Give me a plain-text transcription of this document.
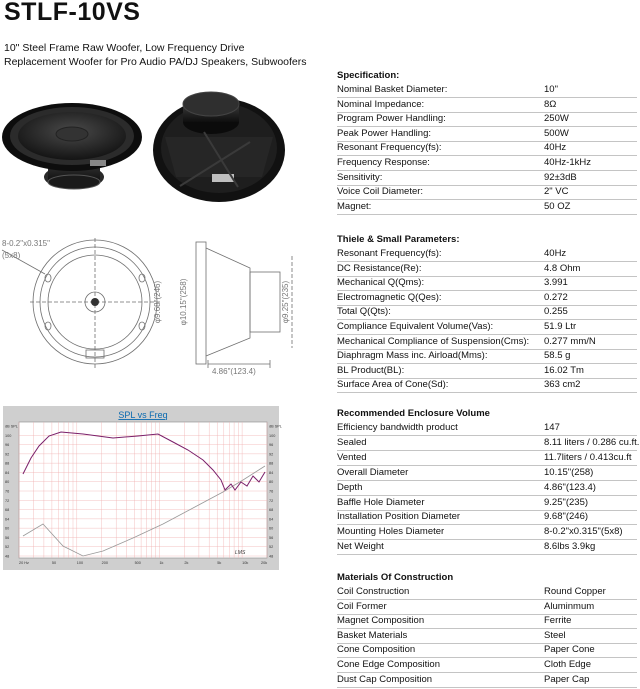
STLF-10VS
10" Steel Frame Raw Woofer, Low Frequency Drive
Replacement Woofer for Pro Audio PA/DJ Speakers, Subwoofers
8-0.2"x0.315"
(5x8)
φ9.68"(246) φ10.15"(258)	φ9.25"(235)
4.86"(123.4)
SPL vs Freq
dB SPL	dB SPL
100	100
96	96
92	92
88	88
84	84
80	80
76	76
72	72
68	68
64	64
60	60
56	56
52	52
48	48
20 Hz	50	100	200	500	1k	2k	5k	10k	20k
LMS
Specification:
Nominal Basket Diameter:	10"
Nominal Impedance:	8Ω
Program Power Handling:	250W
Peak Power Handling:	500W
Resonant Frequency(fs):	40Hz
Frequency Response:	40Hz-1kHz
Sensitivity:	92±3dB
Voice Coil Diameter:	2" VC
Magnet:	50 OZ
Thiele & Small Parameters:
Resonant Frequency(fs):	40Hz
DC Resistance(Re):	4.8 Ohm
Mechanical Q(Qms):	3.991
Electromagnetic Q(Qes):	0.272
Total Q(Qts):	0.255
Compliance Equivalent Volume(Vas):	51.9 Ltr
Mechanical Compliance of Suspension(Cms): 0.277 mm/N
Diaphragm Mass inc. Airload(Mms):	58.5 g
BL Product(BL):	16.02 Tm
Surface Area of Cone(Sd):	363 cm2
Recommended Enclosure Volume
Efficiency bandwidth product	147
Sealed	8.11 liters / 0.286 cu.ft.
Vented	11.7liters / 0.413cu.ft
Overall Diameter	10.15"(258)
Depth	4.86"(123.4)
Baffle Hole Diameter	9.25"(235)
Installation Position Diameter	9.68"(246)
Mounting Holes Diameter	8-0.2"x0.315"(5x8)
Net Weight	8.6lbs 3.9kg
Materials Of Construction
Coil Construction	Round Copper
Coil Former	Aluminmum
Magnet Composition	Ferrite
Basket Materials	Steel
Cone Composition	Paper Cone
Cone Edge Composition	Cloth Edge
Dust Cap Composition	Paper Cap
